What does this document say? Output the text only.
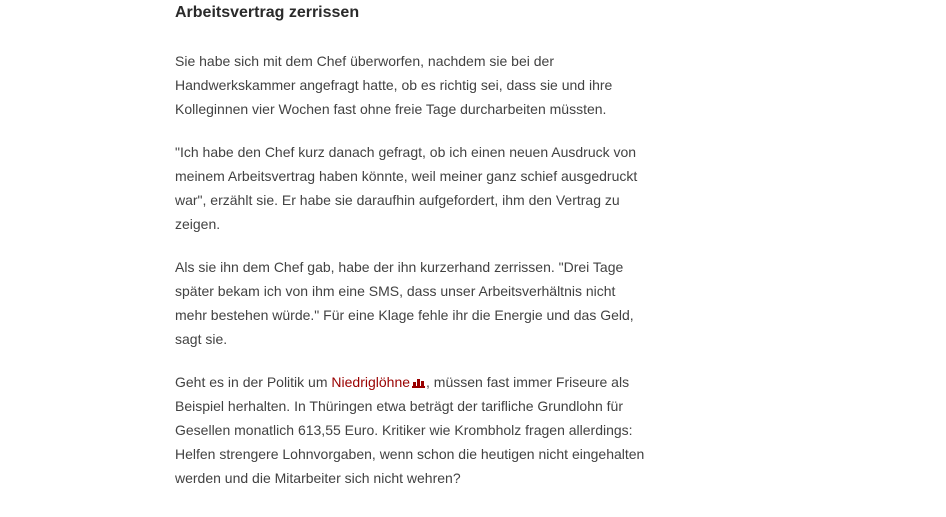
Arbeitsvertrag zerrissen

Sie habe sich mit dem Chef überworfen, nachdem sie bei der Handwerkskammer angefragt hatte, ob es richtig sei, dass sie und ihre Kolleginnen vier Wochen fast ohne freie Tage durcharbeiten müssten.

"Ich habe den Chef kurz danach gefragt, ob ich einen neuen Ausdruck von meinem Arbeitsvertrag haben könnte, weil meiner ganz schief ausgedruckt war", erzählt sie. Er habe sie daraufhin aufgefordert, ihm den Vertrag zu zeigen.

Als sie ihn dem Chef gab, habe der ihn kurzerhand zerrissen. "Drei Tage später bekam ich von ihm eine SMS, dass unser Arbeitsverhältnis nicht mehr bestehen würde." Für eine Klage fehle ihr die Energie und das Geld, sagt sie.

Geht es in der Politik um Niedriglöhne , müssen fast immer Friseure als Beispiel herhalten. In Thüringen etwa beträgt der tarifliche Grundlohn für Gesellen monatlich 613,55 Euro. Kritiker wie Krombholz fragen allerdings: Helfen strengere Lohnvorgaben, wenn schon die heutigen nicht eingehalten werden und die Mitarbeiter sich nicht wehren?
